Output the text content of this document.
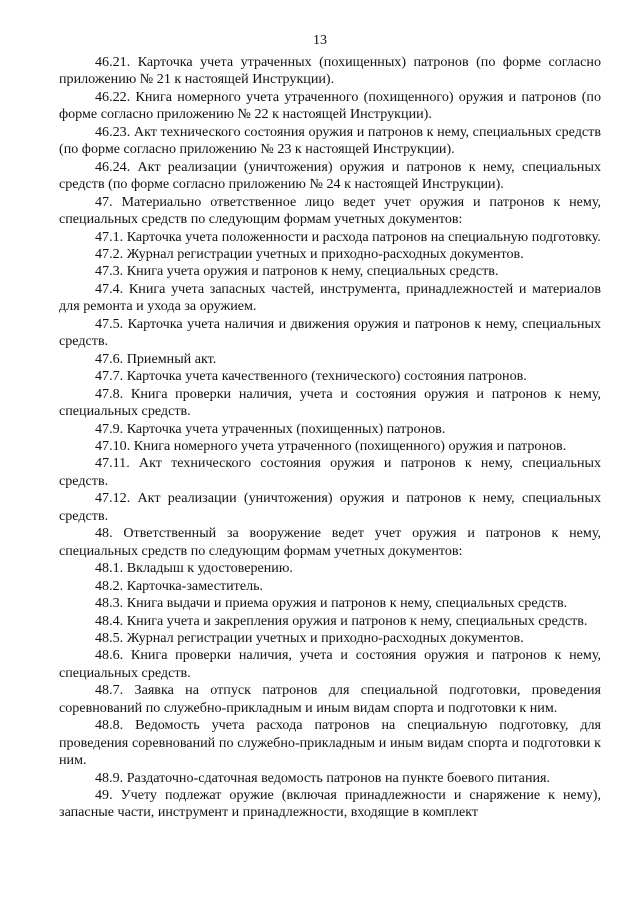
13

46.21. Карточка учета утраченных (похищенных) патронов (по форме согласно приложению № 21 к настоящей Инструкции).

46.22. Книга номерного учета утраченного (похищенного) оружия и патронов (по форме согласно приложению № 22 к настоящей Инструкции).

46.23. Акт технического состояния оружия и патронов к нему, специальных средств (по форме согласно приложению № 23 к настоящей Инструкции).

46.24. Акт реализации (уничтожения) оружия и патронов к нему, специальных средств (по форме согласно приложению № 24 к настоящей Инструкции).

47. Материально ответственное лицо ведет учет оружия и патронов к нему, специальных средств по следующим формам учетных документов:

47.1. Карточка учета положенности и расхода патронов на специальную подготовку.

47.2. Журнал регистрации учетных и приходно-расходных документов.

47.3. Книга учета оружия и патронов к нему, специальных средств.

47.4. Книга учета запасных частей, инструмента, принадлежностей и материалов для ремонта и ухода за оружием.

47.5. Карточка учета наличия и движения оружия и патронов к нему, специальных средств.

47.6. Приемный акт.

47.7. Карточка учета качественного (технического) состояния патронов.

47.8. Книга проверки наличия, учета и состояния оружия и патронов к нему, специальных средств.

47.9. Карточка учета утраченных (похищенных) патронов.

47.10. Книга номерного учета утраченного (похищенного) оружия и патронов.

47.11. Акт технического состояния оружия и патронов к нему, специальных средств.

47.12. Акт реализации (уничтожения) оружия и патронов к нему, специальных средств.

48. Ответственный за вооружение ведет учет оружия и патронов к нему, специальных средств по следующим формам учетных документов:

48.1. Вкладыш к удостоверению.

48.2. Карточка-заместитель.

48.3. Книга выдачи и приема оружия и патронов к нему, специальных средств.

48.4. Книга учета и закрепления оружия и патронов к нему, специальных средств.

48.5. Журнал регистрации учетных и приходно-расходных документов.

48.6. Книга проверки наличия, учета и состояния оружия и патронов к нему, специальных средств.

48.7. Заявка на отпуск патронов для специальной подготовки, проведения соревнований по служебно-прикладным и иным видам спорта и подготовки к ним.

48.8. Ведомость учета расхода патронов на специальную подготовку, для проведения соревнований по служебно-прикладным и иным видам спорта и подготовки к ним.

48.9. Раздаточно-сдаточная ведомость патронов на пункте боевого питания.

49. Учету подлежат оружие (включая принадлежности и снаряжение к нему), запасные части, инструмент и принадлежности, входящие в комплект
